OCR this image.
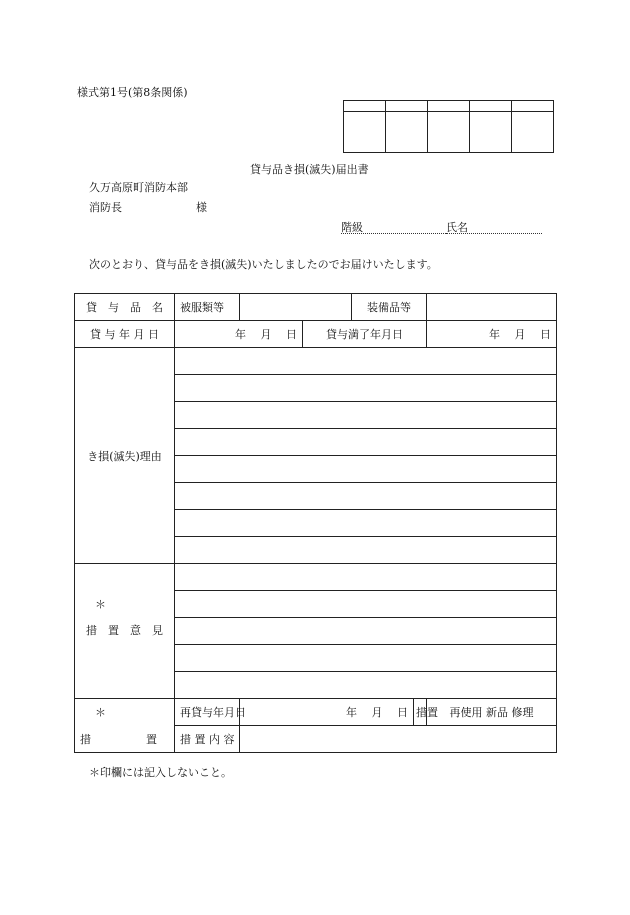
様式第1号(第8条関係)

貸与品き損(滅失)届出書
久万高原町消防本部
消防長	様
階級	氏名
次のとおり、貸与品をき損(滅失)いたしましたのでお届けいたします。
貸　与　品　名	被服類等			装備品等		
貸 与 年 月 日	年　 月　 日		貸与満了年月日			年　 月　 日
き損(滅失)理由						

＊
措　置　意　見						

＊	再貸与年月日	年　 月　 日			措置	再使用 新品 修理
措　　　　　置	措 置 内 容					
＊印欄には記入しないこと。
